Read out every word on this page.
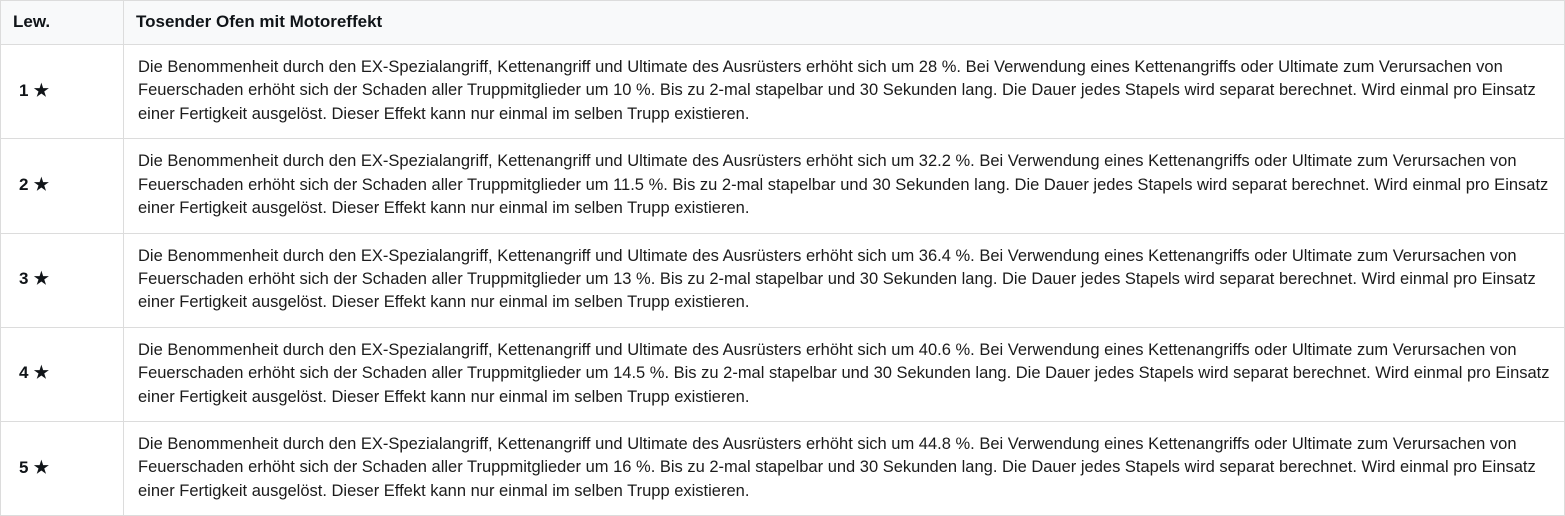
Lew.	Tosender Ofen mit Motoreffekt
1 ★	Die Benommenheit durch den EX-Spezialangriff, Kettenangriff und Ultimate des Ausrüsters erhöht sich um 28 %. Bei Verwendung eines Kettenangriffs oder Ultimate zum Verursachen von Feuerschaden erhöht sich der Schaden aller Truppmitglieder um 10 %. Bis zu 2-mal stapelbar und 30 Sekunden lang. Die Dauer jedes Stapels wird separat berechnet. Wird einmal pro Einsatz einer Fertigkeit ausgelöst. Dieser Effekt kann nur einmal im selben Trupp existieren.
2 ★	Die Benommenheit durch den EX-Spezialangriff, Kettenangriff und Ultimate des Ausrüsters erhöht sich um 32.2 %. Bei Verwendung eines Kettenangriffs oder Ultimate zum Verursachen von Feuerschaden erhöht sich der Schaden aller Truppmitglieder um 11.5 %. Bis zu 2-mal stapelbar und 30 Sekunden lang. Die Dauer jedes Stapels wird separat berechnet. Wird einmal pro Einsatz einer Fertigkeit ausgelöst. Dieser Effekt kann nur einmal im selben Trupp existieren.
3 ★	Die Benommenheit durch den EX-Spezialangriff, Kettenangriff und Ultimate des Ausrüsters erhöht sich um 36.4 %. Bei Verwendung eines Kettenangriffs oder Ultimate zum Verursachen von Feuerschaden erhöht sich der Schaden aller Truppmitglieder um 13 %. Bis zu 2-mal stapelbar und 30 Sekunden lang. Die Dauer jedes Stapels wird separat berechnet. Wird einmal pro Einsatz einer Fertigkeit ausgelöst. Dieser Effekt kann nur einmal im selben Trupp existieren.
4 ★	Die Benommenheit durch den EX-Spezialangriff, Kettenangriff und Ultimate des Ausrüsters erhöht sich um 40.6 %. Bei Verwendung eines Kettenangriffs oder Ultimate zum Verursachen von Feuerschaden erhöht sich der Schaden aller Truppmitglieder um 14.5 %. Bis zu 2-mal stapelbar und 30 Sekunden lang. Die Dauer jedes Stapels wird separat berechnet. Wird einmal pro Einsatz einer Fertigkeit ausgelöst. Dieser Effekt kann nur einmal im selben Trupp existieren.
5 ★	Die Benommenheit durch den EX-Spezialangriff, Kettenangriff und Ultimate des Ausrüsters erhöht sich um 44.8 %. Bei Verwendung eines Kettenangriffs oder Ultimate zum Verursachen von Feuerschaden erhöht sich der Schaden aller Truppmitglieder um 16 %. Bis zu 2-mal stapelbar und 30 Sekunden lang. Die Dauer jedes Stapels wird separat berechnet. Wird einmal pro Einsatz einer Fertigkeit ausgelöst. Dieser Effekt kann nur einmal im selben Trupp existieren.
